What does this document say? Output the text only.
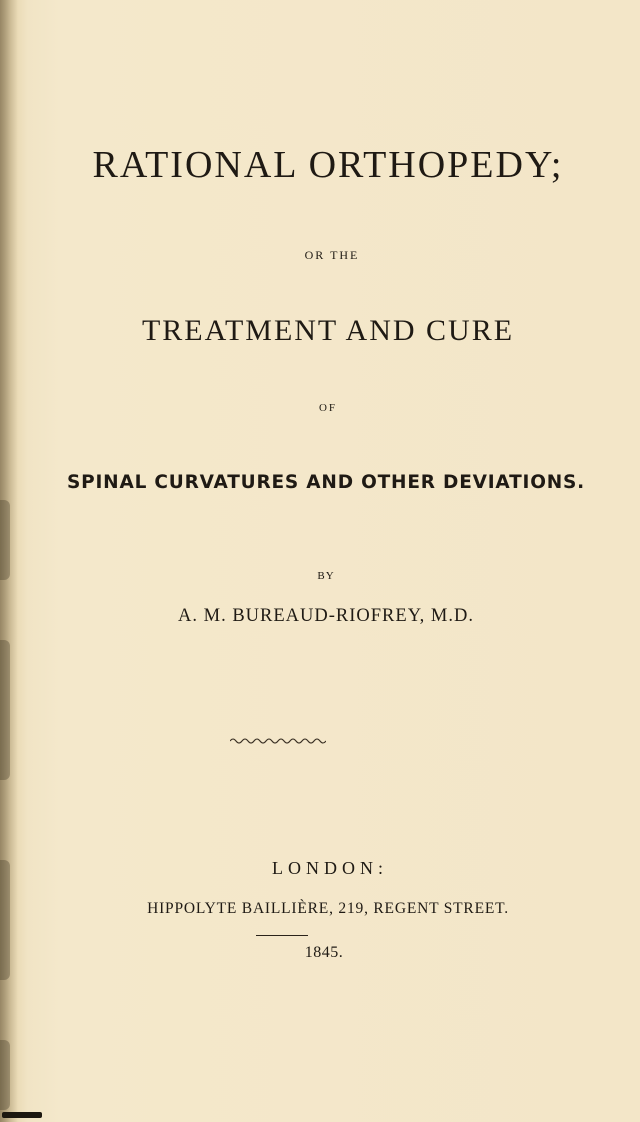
RATIONAL ORTHOPEDY;
OR THE
TREATMENT AND CURE
OF
SPINAL CURVATURES AND OTHER DEVIATIONS.
BY
A. M. BUREAUD-RIOFREY, M.D.
LONDON:
HIPPOLYTE BAILLIÈRE, 219, REGENT STREET.
1845.
